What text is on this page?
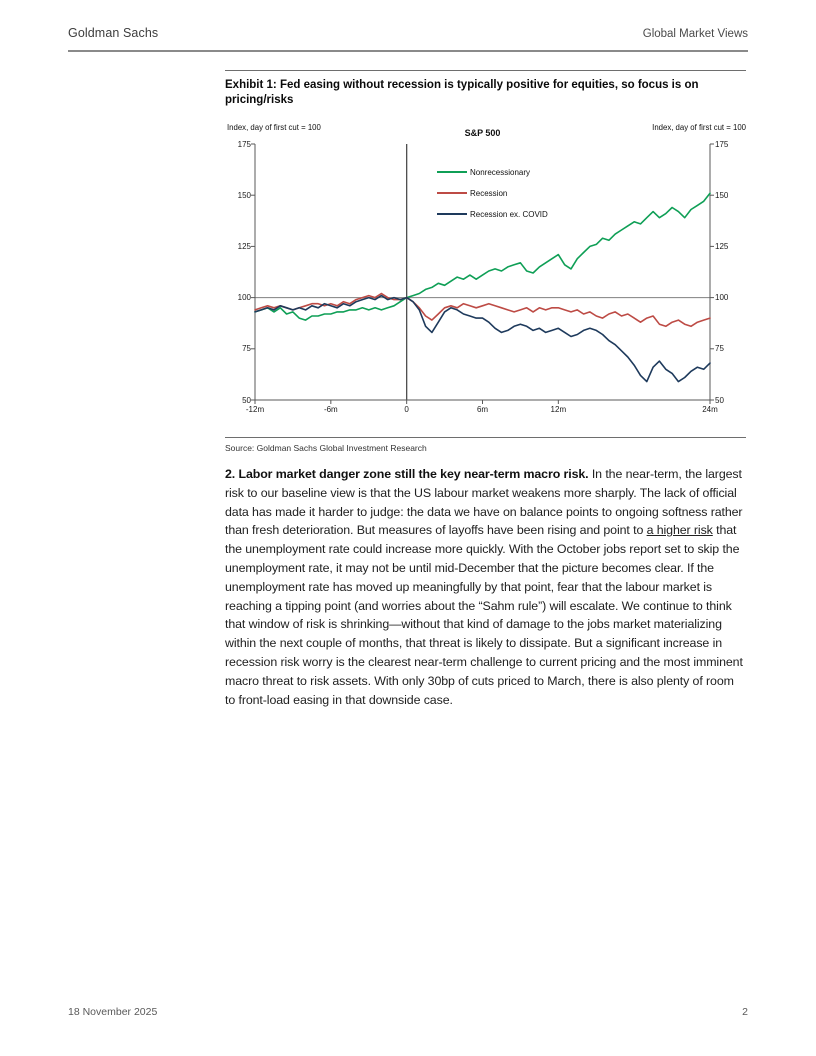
Goldman Sachs	Global Market Views
Exhibit 1: Fed easing without recession is typically positive for equities, so focus is on pricing/risks
Index, day of first cut = 100	Index, day of first cut = 100
S&P 500
Nonrecessionary
Recession
Recession ex. COVID
50	50
75	75
100	100
125	125
150	150
175	175
-12m	-6m	0	6m	12m	24m
Source: Goldman Sachs Global Investment Research

2. Labor market danger zone still the key near-term macro risk. In the near-term, the largest risk to our baseline view is that the US labour market weakens more sharply. The lack of official data has made it harder to judge: the data we have on balance points to ongoing softness rather than fresh deterioration. But measures of layoffs have been rising and point to a higher risk that the unemployment rate could increase more quickly. With the October jobs report set to skip the unemployment rate, it may not be until mid-December that the picture becomes clear. If the unemployment rate has moved up meaningfully by that point, fear that the labour market is reaching a tipping point (and worries about the “Sahm rule”) will escalate. We continue to think that window of risk is shrinking—without that kind of damage to the jobs market materializing within the next couple of months, that threat is likely to dissipate. But a significant increase in recession risk worry is the clearest near-term challenge to current pricing and the most imminent macro threat to risk assets. With only 30bp of cuts priced to March, there is also plenty of room to front-load easing in that downside case.

18 November 2025	2
